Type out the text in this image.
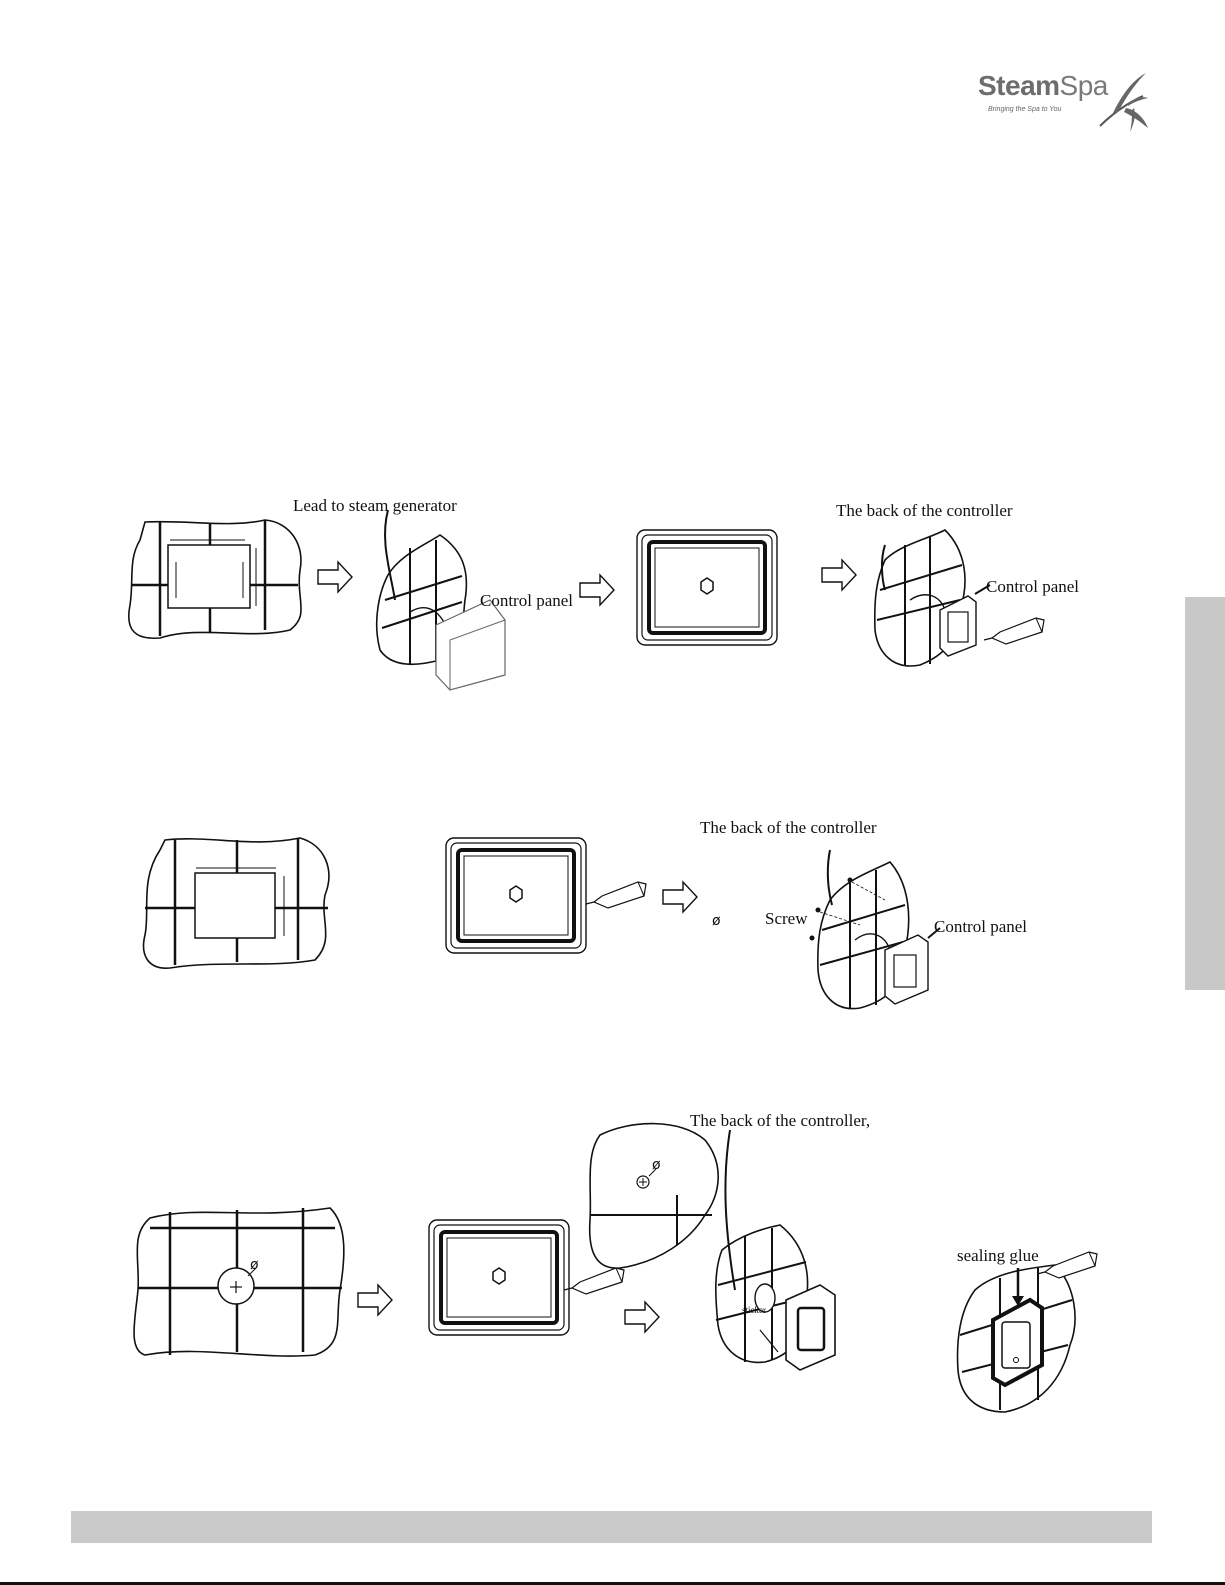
SteamSpa
Bringing the Spa to You
Lead to steam generator
Control panel
The back of the controller
Control panel
The back of the controller
ø	Screw	Control panel
The back of the controller,
ø
ø
sticker
sealing glue
